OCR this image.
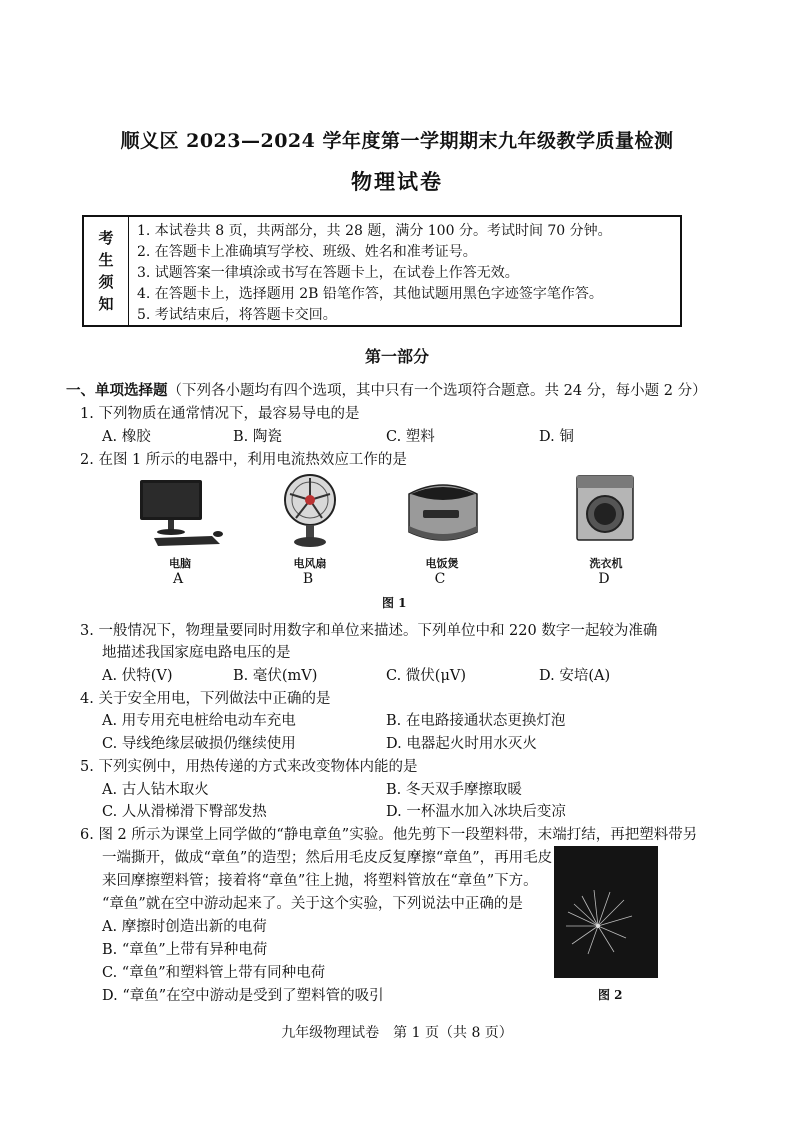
顺义区 2023—2024 学年度第一学期期末九年级教学质量检测
物理试卷
考
生
须
知
1. 本试卷共 8 页，共两部分，共 28 题，满分 100 分。考试时间 70 分钟。
2. 在答题卡上准确填写学校、班级、姓名和准考证号。
3. 试题答案一律填涂或书写在答题卡上，在试卷上作答无效。
4. 在答题卡上，选择题用 2B 铅笔作答，其他试题用黑色字迹签字笔作答。
5. 考试结束后，将答题卡交回。
第一部分
一、单项选择题（下列各小题均有四个选项，其中只有一个选项符合题意。共 24 分，每小题 2 分）
1. 下列物质在通常情况下，最容易导电的是
A. 橡胶	B. 陶瓷	C. 塑料	D. 铜
2. 在图 1 所示的电器中，利用电流热效应工作的是
电脑	电风扇	电饭煲	洗衣机
A	B	C	D
图 1
3. 一般情况下，物理量要同时用数字和单位来描述。下列单位中和 220 数字一起较为准确
地描述我国家庭电路电压的是
A. 伏特(V)	B. 毫伏(mV)	C. 微伏(μV)	D. 安培(A)
4. 关于安全用电，下列做法中正确的是
A. 用专用充电桩给电动车充电	B. 在电路接通状态更换灯泡
C. 导线绝缘层破损仍继续使用	D. 电器起火时用水灭火
5. 下列实例中，用热传递的方式来改变物体内能的是
A. 古人钻木取火	B. 冬天双手摩擦取暖
C. 人从滑梯滑下臀部发热	D. 一杯温水加入冰块后变凉
6. 图 2 所示为课堂上同学做的“静电章鱼”实验。他先剪下一段塑料带，末端打结，再把塑料带另
一端撕开，做成“章鱼”的造型；然后用毛皮反复摩擦“章鱼”，再用毛皮
来回摩擦塑料管；接着将“章鱼”往上抛，将塑料管放在“章鱼”下方。
“章鱼”就在空中游动起来了。关于这个实验，下列说法中正确的是
A. 摩擦时创造出新的电荷
B. “章鱼”上带有异种电荷
C. “章鱼”和塑料管上带有同种电荷
D. “章鱼”在空中游动是受到了塑料管的吸引	图 2
九年级物理试卷　第 1 页（共 8 页）
